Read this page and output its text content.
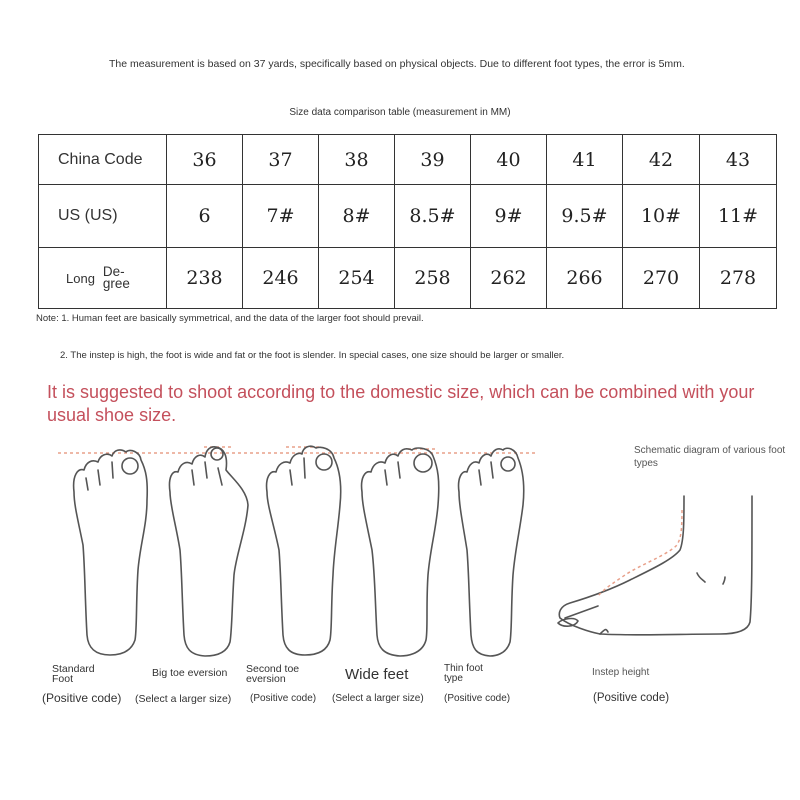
The measurement is based on 37 yards, specifically based on physical objects. Due to different foot types, the error is 5mm.
Size data comparison table (measurement in MM)
China Code	36	37	38	39	40	41	42	43
US (US)	6	7#	8#	8.5#	9#	9.5#	10#	11#
Long De-
gree	238	246	254	258	262	266	270	278
Note: 1. Human feet are basically symmetrical, and the data of the larger foot should prevail.
2. The instep is high, the foot is wide and fat or the foot is slender. In special cases, one size should be larger or smaller.
It is suggested to shoot according to the domestic size, which can be combined with your usual shoe size.
Schematic diagram of various foot types
Standard
Foot
(Positive code)
Big toe eversion
(Select a larger size)
Second toe
eversion
(Positive code)
Wide feet
(Select a larger size)
Thin foot
type
(Positive code)
Instep height
(Positive code)
